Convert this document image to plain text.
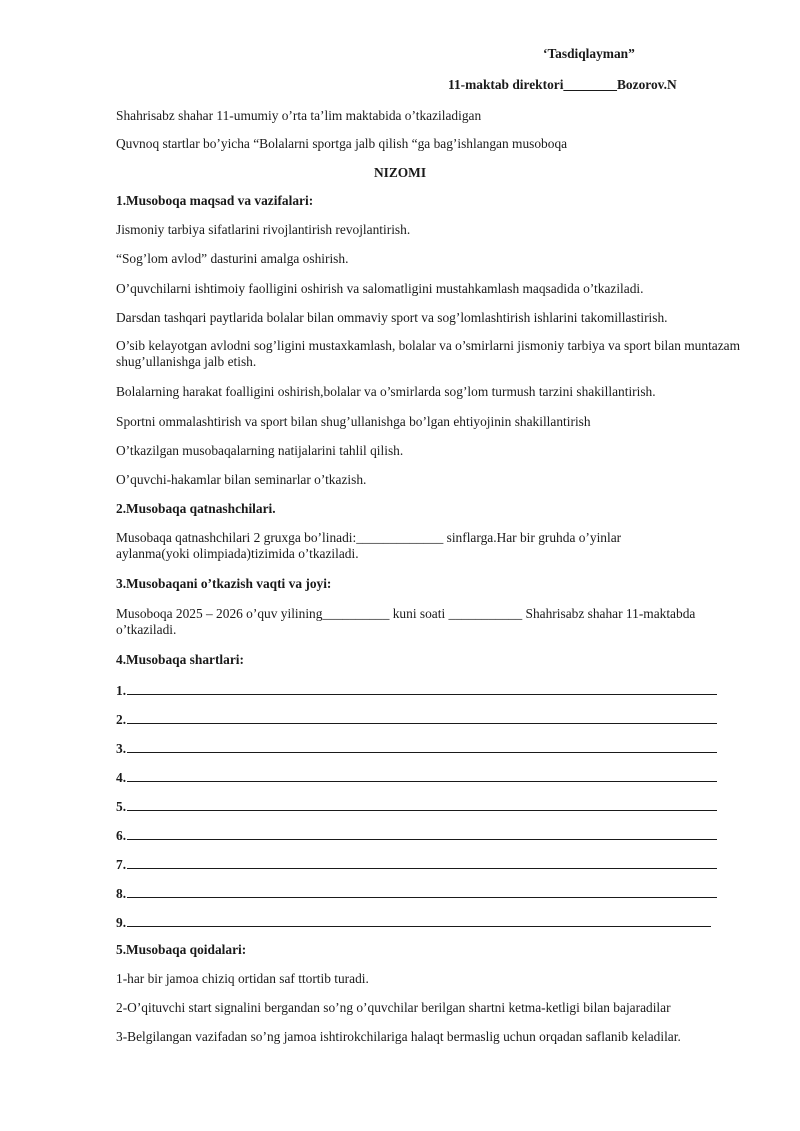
‘Tasdiqlayman”
11-maktab direktori________Bozorov.N
Shahrisabz shahar 11-umumiy o’rta ta’lim maktabida o’tkaziladigan
Quvnoq startlar bo’yicha “Bolalarni sportga jalb qilish “ga bag’ishlangan musoboqa
NIZOMI
1.Musoboqa maqsad va vazifalari:
Jismoniy tarbiya sifatlarini rivojlantirish revojlantirish.
“Sog’lom avlod” dasturini amalga oshirish.
O’quvchilarni ishtimoiy faolligini oshirish va salomatligini mustahkamlash maqsadida o’tkaziladi.
Darsdan tashqari paytlarida bolalar bilan ommaviy sport va sog’lomlashtirish ishlarini takomillastirish.
O’sib kelayotgan avlodni sog’ligini mustaxkamlash, bolalar va o’smirlarni jismoniy tarbiya va sport bilan muntazam shug’ullanishga jalb etish.
Bolalarning harakat foalligini oshirish,bolalar va o’smirlarda sog’lom turmush tarzini shakillantirish.
Sportni ommalashtirish va sport bilan shug’ullanishga bo’lgan ehtiyojinin shakillantirish
O’tkazilgan musobaqalarning natijalarini tahlil qilish.
O’quvchi-hakamlar bilan seminarlar o’tkazish.
2.Musobaqa qatnashchilari.
Musobaqa qatnashchilari 2 gruxga bo’linadi:_____________ sinflarga.Har bir gruhda o’yinlar aylanma(yoki olimpiada)tizimida o’tkaziladi.
3.Musobaqani o’tkazish vaqti va joyi:
Musoboqa 2025 – 2026 o’quv yilining__________ kuni soati ___________ Shahrisabz shahar 11-maktabda o’tkaziladi.
4.Musobaqa shartlari:
1.
2.
3.
4.
5.
6.
7.
8.
9.
5.Musobaqa qoidalari:
1-har bir jamoa chiziq ortidan saf ttortib turadi.
2-O’qituvchi start signalini bergandan so’ng o’quvchilar berilgan shartni ketma-ketligi bilan bajaradilar
3-Belgilangan vazifadan so’ng jamoa ishtirokchilariga halaqt bermaslig uchun orqadan saflanib keladilar.
